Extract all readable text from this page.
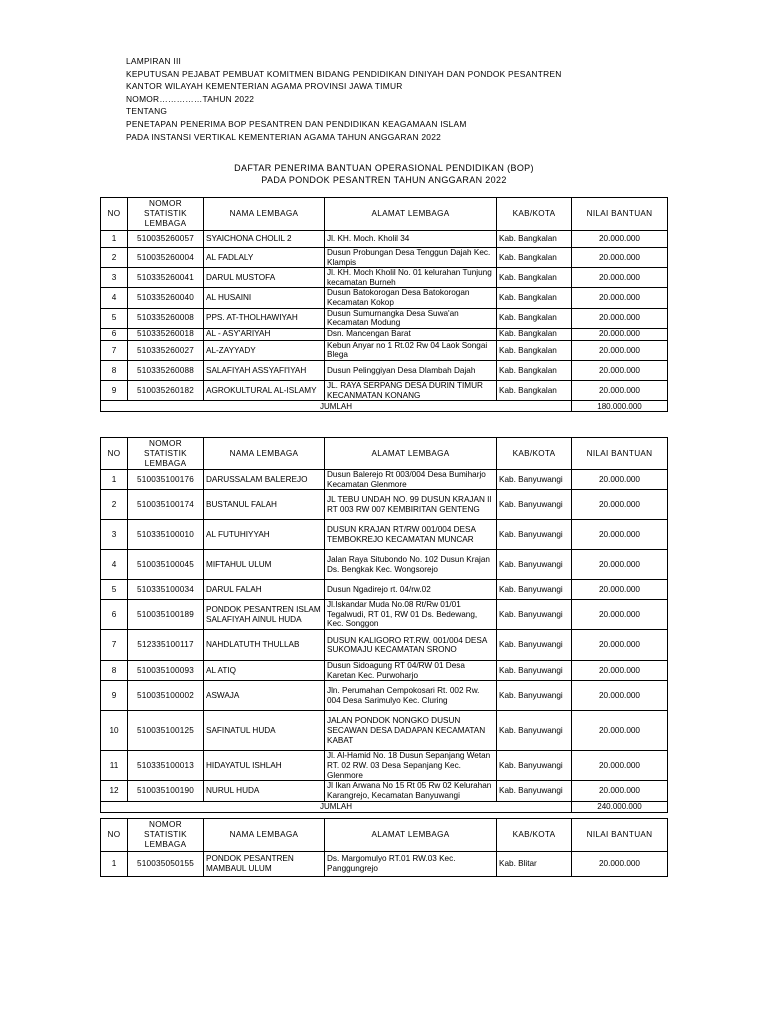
LAMPIRAN III
KEPUTUSAN PEJABAT PEMBUAT KOMITMEN BIDANG PENDIDIKAN DINIYAH DAN PONDOK PESANTREN
KANTOR WILAYAH KEMENTERIAN AGAMA PROVINSI JAWA TIMUR
NOMOR……………TAHUN 2022
TENTANG
PENETAPAN PENERIMA BOP PESANTREN DAN PENDIDIKAN KEAGAMAAN ISLAM
PADA INSTANSI VERTIKAL KEMENTERIAN AGAMA TAHUN ANGGARAN 2022
DAFTAR PENERIMA BANTUAN OPERASIONAL PENDIDIKAN (BOP)
PADA PONDOK PESANTREN TAHUN ANGGARAN 2022
NO	NOMOR STATISTIK LEMBAGA	NAMA LEMBAGA	ALAMAT LEMBAGA	KAB/KOTA	NILAI BANTUAN
1	510035260057	SYAICHONA CHOLIL 2	Jl. KH. Moch. Kholil 34	Kab. Bangkalan	20.000.000
2	510035260004	AL FADLALY	Dusun Probungan Desa Tenggun Dajah Kec. Klampis	Kab. Bangkalan	20.000.000
3	510335260041	DARUL MUSTOFA	Jl. KH. Moch Kholil No. 01 kelurahan Tunjung kecamatan Burneh	Kab. Bangkalan	20.000.000
4	510335260040	AL HUSAINI	Dusun Batokorogan Desa Batokorogan Kecamatan Kokop	Kab. Bangkalan	20.000.000
5	510335260008	PPS. AT-THOLHAWIYAH	Dusun Sumurnangka Desa Suwa'an Kecamatan Modung	Kab. Bangkalan	20.000.000
6	510335260018	AL - ASY'ARIYAH	Dsn. Mancengan Barat	Kab. Bangkalan	20.000.000
7	510335260027	AL-ZAYYADY	Kebun Anyar no 1 Rt.02 Rw 04 Laok Songai Blega	Kab. Bangkalan	20.000.000
8	510335260088	SALAFIYAH ASSYAFI'IYAH	Dusun Pelinggiyan Desa Dlambah Dajah	Kab. Bangkalan	20.000.000
9	510035260182	AGROKULTURAL AL-ISLAMY	JL. RAYA SERPANG DESA DURIN TIMUR KECANMATAN KONANG	Kab. Bangkalan	20.000.000
JUMLAH					180.000.000
NO	NOMOR STATISTIK LEMBAGA	NAMA LEMBAGA	ALAMAT LEMBAGA	KAB/KOTA	NILAI BANTUAN
1	510035100176	DARUSSALAM BALEREJO	Dusun Balerejo Rt 003/004 Desa Bumiharjo Kecamatan Glenmore	Kab. Banyuwangi	20.000.000
2	510035100174	BUSTANUL FALAH	JL TEBU UNDAH NO. 99 DUSUN KRAJAN II RT 003 RW 007 KEMBIRITAN GENTENG	Kab. Banyuwangi	20.000.000
3	510335100010	AL FUTUHIYYAH	DUSUN KRAJAN RT/RW 001/004 DESA TEMBOKREJO KECAMATAN MUNCAR	Kab. Banyuwangi	20.000.000
4	510035100045	MIFTAHUL ULUM	Jalan Raya Situbondo No. 102 Dusun Krajan Ds. Bengkak Kec. Wongsorejo	Kab. Banyuwangi	20.000.000
5	510335100034	DARUL FALAH	Dusun Ngadirejo rt. 04/rw.02	Kab. Banyuwangi	20.000.000
6	510035100189	PONDOK PESANTREN ISLAM SALAFIYAH AINUL HUDA	Jl.Iskandar Muda No.08 Rt/Rw 01/01 Tegalwudi, RT 01, RW 01 Ds. Bedewang, Kec. Songgon	Kab. Banyuwangi	20.000.000
7	512335100117	NAHDLATUTH THULLAB	DUSUN KALIGORO RT.RW. 001/004 DESA SUKOMAJU KECAMATAN SRONO	Kab. Banyuwangi	20.000.000
8	510035100093	AL ATIQ	Dusun Sidoagung RT 04/RW 01 Desa Karetan Kec. Purwoharjo	Kab. Banyuwangi	20.000.000
9	510035100002	ASWAJA	Jln. Perumahan Cempokosari Rt. 002 Rw. 004 Desa Sarimulyo Kec. Cluring	Kab. Banyuwangi	20.000.000
10	510035100125	SAFINATUL HUDA	JALAN PONDOK NONGKO DUSUN SECAWAN DESA DADAPAN KECAMATAN KABAT	Kab. Banyuwangi	20.000.000
11	510335100013	HIDAYATUL ISHLAH	Jl. Al-Hamid No. 18 Dusun Sepanjang Wetan RT. 02 RW. 03 Desa Sepanjang Kec. Glenmore	Kab. Banyuwangi	20.000.000
12	510035100190	NURUL HUDA	Jl Ikan Arwana No 15 Rt 05 Rw 02 Kelurahan Karangrejo, Kecamatan Banyuwangi	Kab. Banyuwangi	20.000.000
JUMLAH					240.000.000
NO	NOMOR STATISTIK LEMBAGA	NAMA LEMBAGA	ALAMAT LEMBAGA	KAB/KOTA	NILAI BANTUAN
1	510035050155	PONDOK PESANTREN MAMBAUL ULUM	Ds. Margomulyo RT.01 RW.03 Kec. Panggungrejo	Kab. Blitar	20.000.000
